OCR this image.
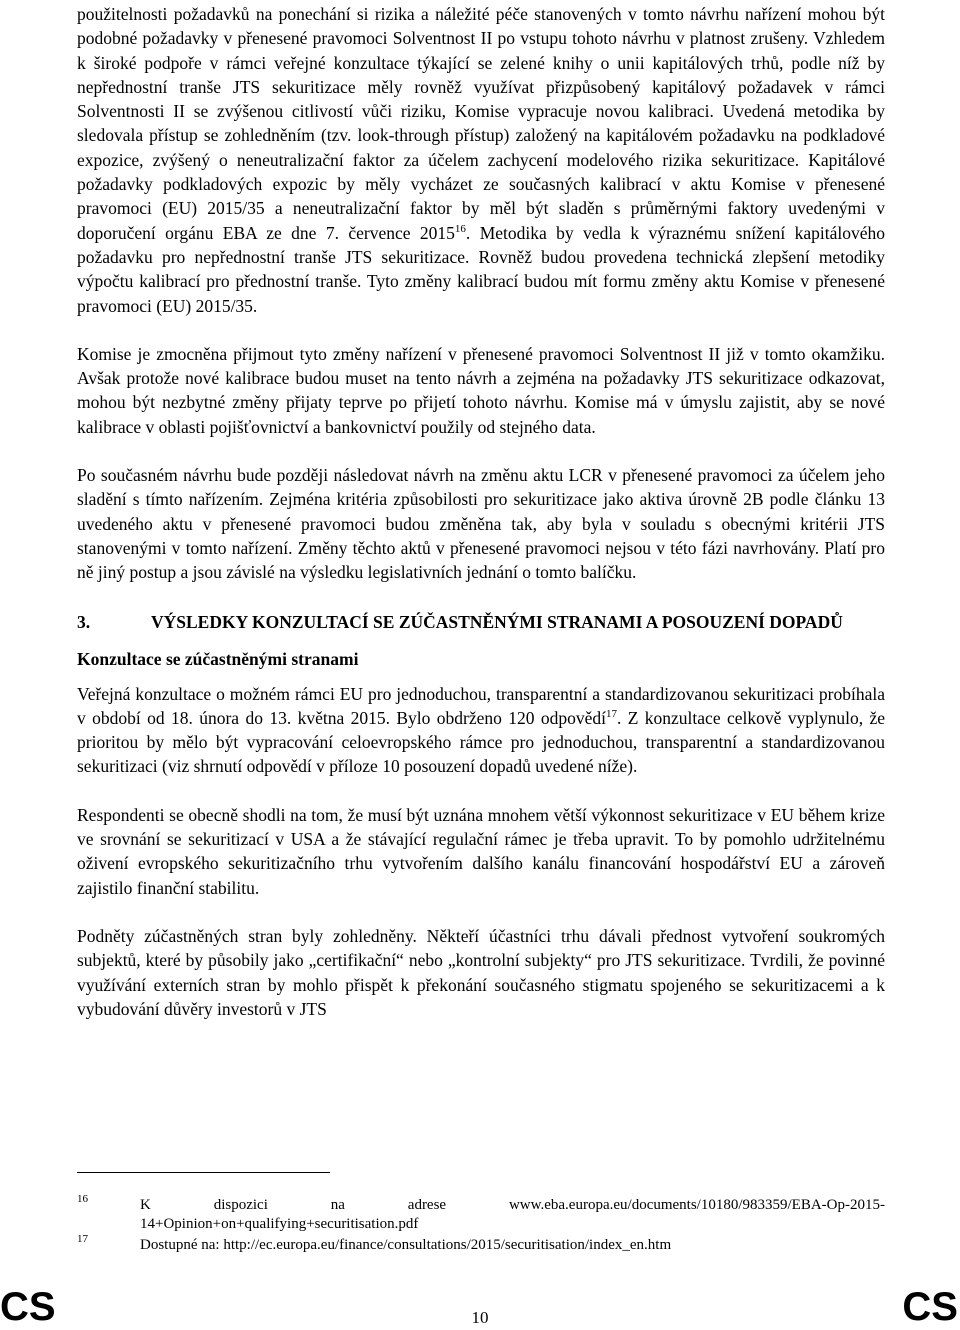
použitelnosti požadavků na ponechání si rizika a náležité péče stanovených v tomto návrhu nařízení mohou být podobné požadavky v přenesené pravomoci Solventnost II po vstupu tohoto návrhu v platnost zrušeny. Vzhledem k široké podpoře v rámci veřejné konzultace týkající se zelené knihy o unii kapitálových trhů, podle níž by nepřednostní tranše JTS sekuritizace měly rovněž využívat přizpůsobený kapitálový požadavek v rámci Solventnosti II se zvýšenou citlivostí vůči riziku, Komise vypracuje novou kalibraci. Uvedená metodika by sledovala přístup se zohledněním (tzv. look-through přístup) založený na kapitálovém požadavku na podkladové expozice, zvýšený o neneutralizační faktor za účelem zachycení modelového rizika sekuritizace. Kapitálové požadavky podkladových expozic by měly vycházet ze současných kalibrací v aktu Komise v přenesené pravomoci (EU) 2015/35 a neneutralizační faktor by měl být sladěn s průměrnými faktory uvedenými v doporučení orgánu EBA ze dne 7. července 2015$^{16}$. Metodika by vedla k výraznému snížení kapitálového požadavku pro nepřednostní tranše JTS sekuritizace. Rovněž budou provedena technická zlepšení metodiky výpočtu kalibrací pro přednostní tranše. Tyto změny kalibrací budou mít formu změny aktu Komise v přenesené pravomoci (EU) 2015/35.

Komise je zmocněna přijmout tyto změny nařízení v přenesené pravomoci Solventnost II již v tomto okamžiku. Avšak protože nové kalibrace budou muset na tento návrh a zejména na požadavky JTS sekuritizace odkazovat, mohou být nezbytné změny přijaty teprve po přijetí tohoto návrhu. Komise má v úmyslu zajistit, aby se nové kalibrace v oblasti pojišťovnictví a bankovnictví použily od stejného data.

Po současném návrhu bude později následovat návrh na změnu aktu LCR v přenesené pravomoci za účelem jeho sladění s tímto nařízením. Zejména kritéria způsobilosti pro sekuritizace jako aktiva úrovně 2B podle článku 13 uvedeného aktu v přenesené pravomoci budou změněna tak, aby byla v souladu s obecnými kritérii JTS stanovenými v tomto nařízení. Změny těchto aktů v přenesené pravomoci nejsou v této fázi navrhovány. Platí pro ně jiný postup a jsou závislé na výsledku legislativních jednání o tomto balíčku.

3.	VÝSLEDKY KONZULTACÍ SE ZÚČASTNĚNÝMI STRANAMI A POSOUZENÍ DOPADŮ
Konzultace se zúčastněnými stranami

Veřejná konzultace o možném rámci EU pro jednoduchou, transparentní a standardizovanou sekuritizaci probíhala v období od 18. února do 13. května 2015. Bylo obdrženo 120 odpovědí$^{17}$. Z konzultace celkově vyplynulo, že prioritou by mělo být vypracování celoevropského rámce pro jednoduchou, transparentní a standardizovanou sekuritizaci (viz shrnutí odpovědí v příloze 10 posouzení dopadů uvedené níže).

Respondenti se obecně shodli na tom, že musí být uznána mnohem větší výkonnost sekuritizace v EU během krize ve srovnání se sekuritizací v USA a že stávající regulační rámec je třeba upravit. To by pomohlo udržitelnému oživení evropského sekuritizačního trhu vytvořením dalšího kanálu financování hospodářství EU a zároveň zajistilo finanční stabilitu.

Podněty zúčastněných stran byly zohledněny. Někteří účastníci trhu dávali přednost vytvoření soukromých subjektů, které by působily jako „certifikační“ nebo „kontrolní subjekty“ pro JTS sekuritizace. Tvrdili, že povinné využívání externích stran by mohlo přispět k překonání současného stigmatu spojeného se sekuritizacemi a k vybudování důvěry investorů v JTS

16	K dispozici na adrese www.eba.europa.eu/documents/10180/983359/EBA-Op-2015-14+Opinion+on+qualifying+securitisation.pdf
17	Dostupné na: http://ec.europa.eu/finance/consultations/2015/securitisation/index_en.htm
CS	10	CS
